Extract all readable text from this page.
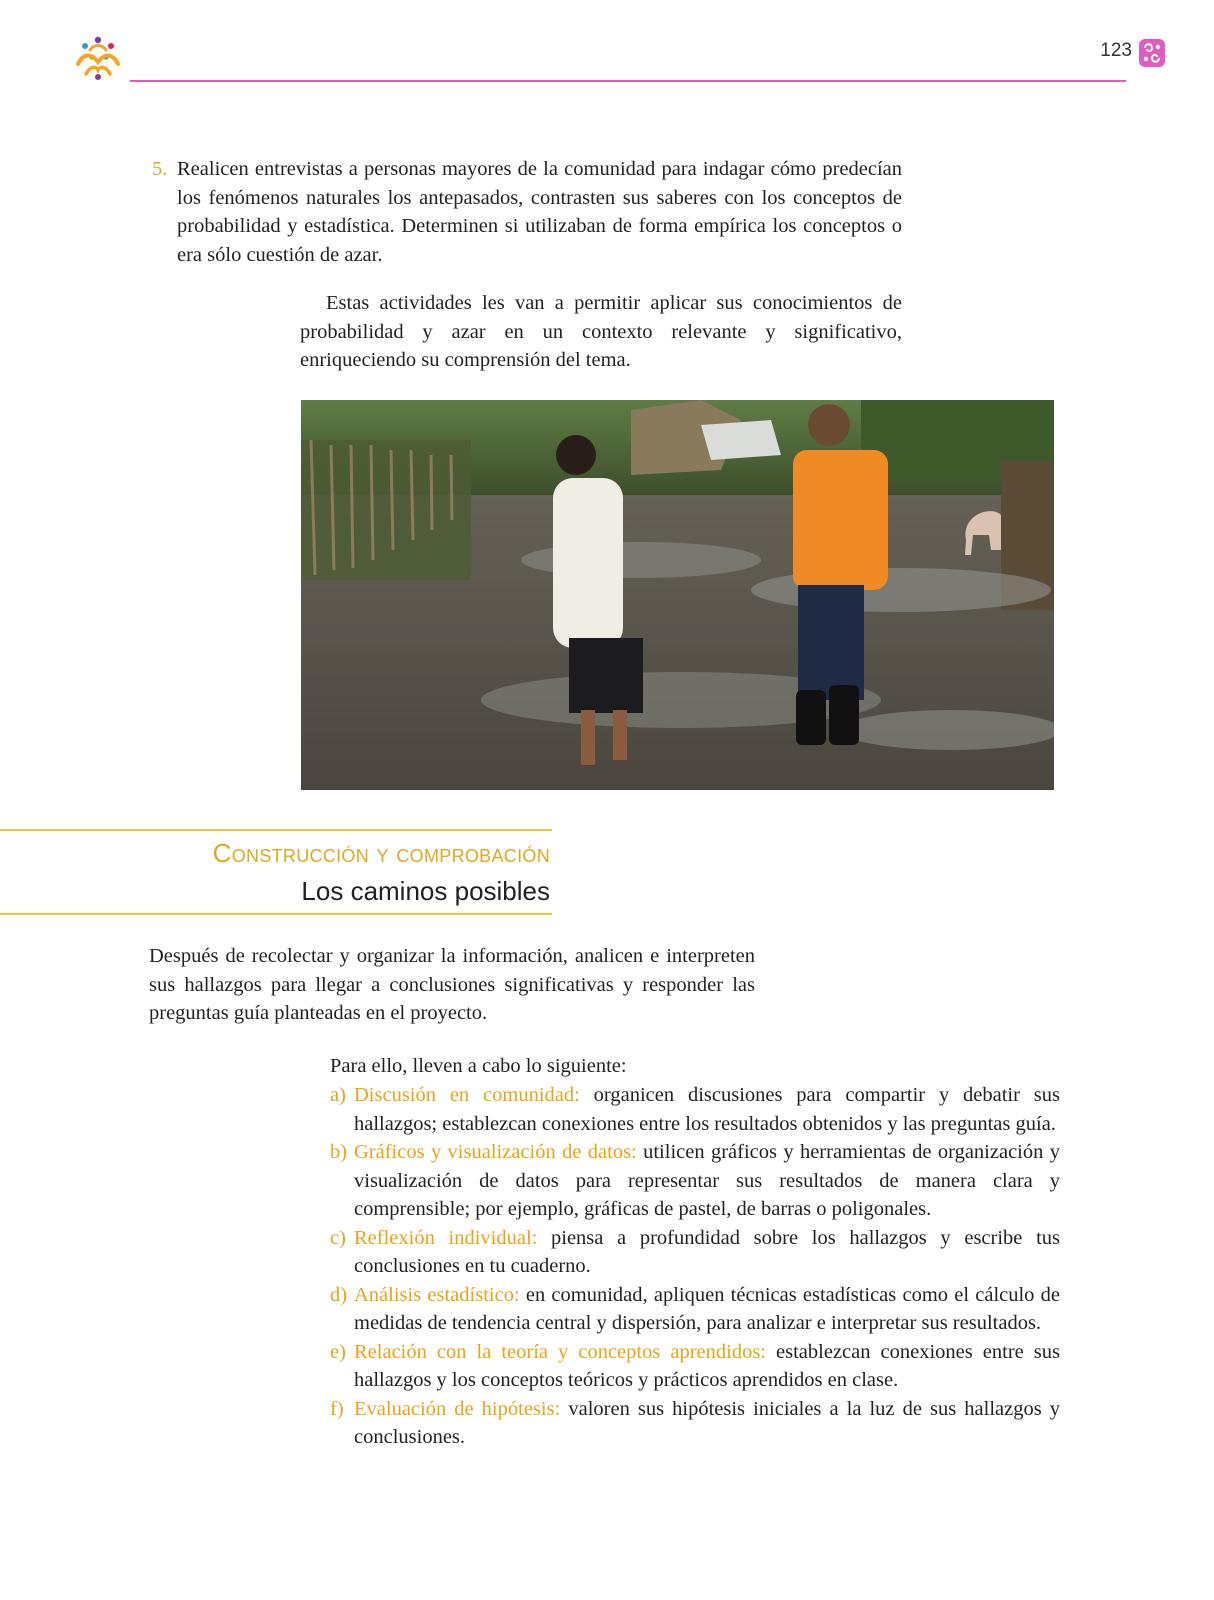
123
5. Realicen entrevistas a personas mayores de la comunidad para indagar cómo predecían los fenómenos naturales los antepasados, contrasten sus saberes con los conceptos de probabilidad y estadística. Determinen si utilizaban de forma empírica los conceptos o era sólo cuestión de azar.
Estas actividades les van a permitir aplicar sus conocimientos de probabilidad y azar en un contexto relevante y significativo, enriqueciendo su comprensión del tema.
Construcción y comprobación
Los caminos posibles
Después de recolectar y organizar la información, analicen e interpreten sus hallazgos para llegar a conclusiones significativas y responder las preguntas guía planteadas en el proyecto.
Para ello, lleven a cabo lo siguiente:
a) Discusión en comunidad: organicen discusiones para compartir y debatir sus hallazgos; establezcan conexiones entre los resultados obtenidos y las preguntas guía.
b) Gráficos y visualización de datos: utilicen gráficos y herramientas de organización y visualización de datos para representar sus resultados de manera clara y comprensible; por ejemplo, gráficas de pastel, de barras o poligonales.
c) Reflexión individual: piensa a profundidad sobre los hallazgos y escribe tus conclusiones en tu cuaderno.
d) Análisis estadístico: en comunidad, apliquen técnicas estadísticas como el cálculo de medidas de tendencia central y dispersión, para analizar e interpretar sus resultados.
e) Relación con la teoría y conceptos aprendidos: establezcan conexiones entre sus hallazgos y los conceptos teóricos y prácticos aprendidos en clase.
f) Evaluación de hipótesis: valoren sus hipótesis iniciales a la luz de sus hallazgos y conclusiones.
